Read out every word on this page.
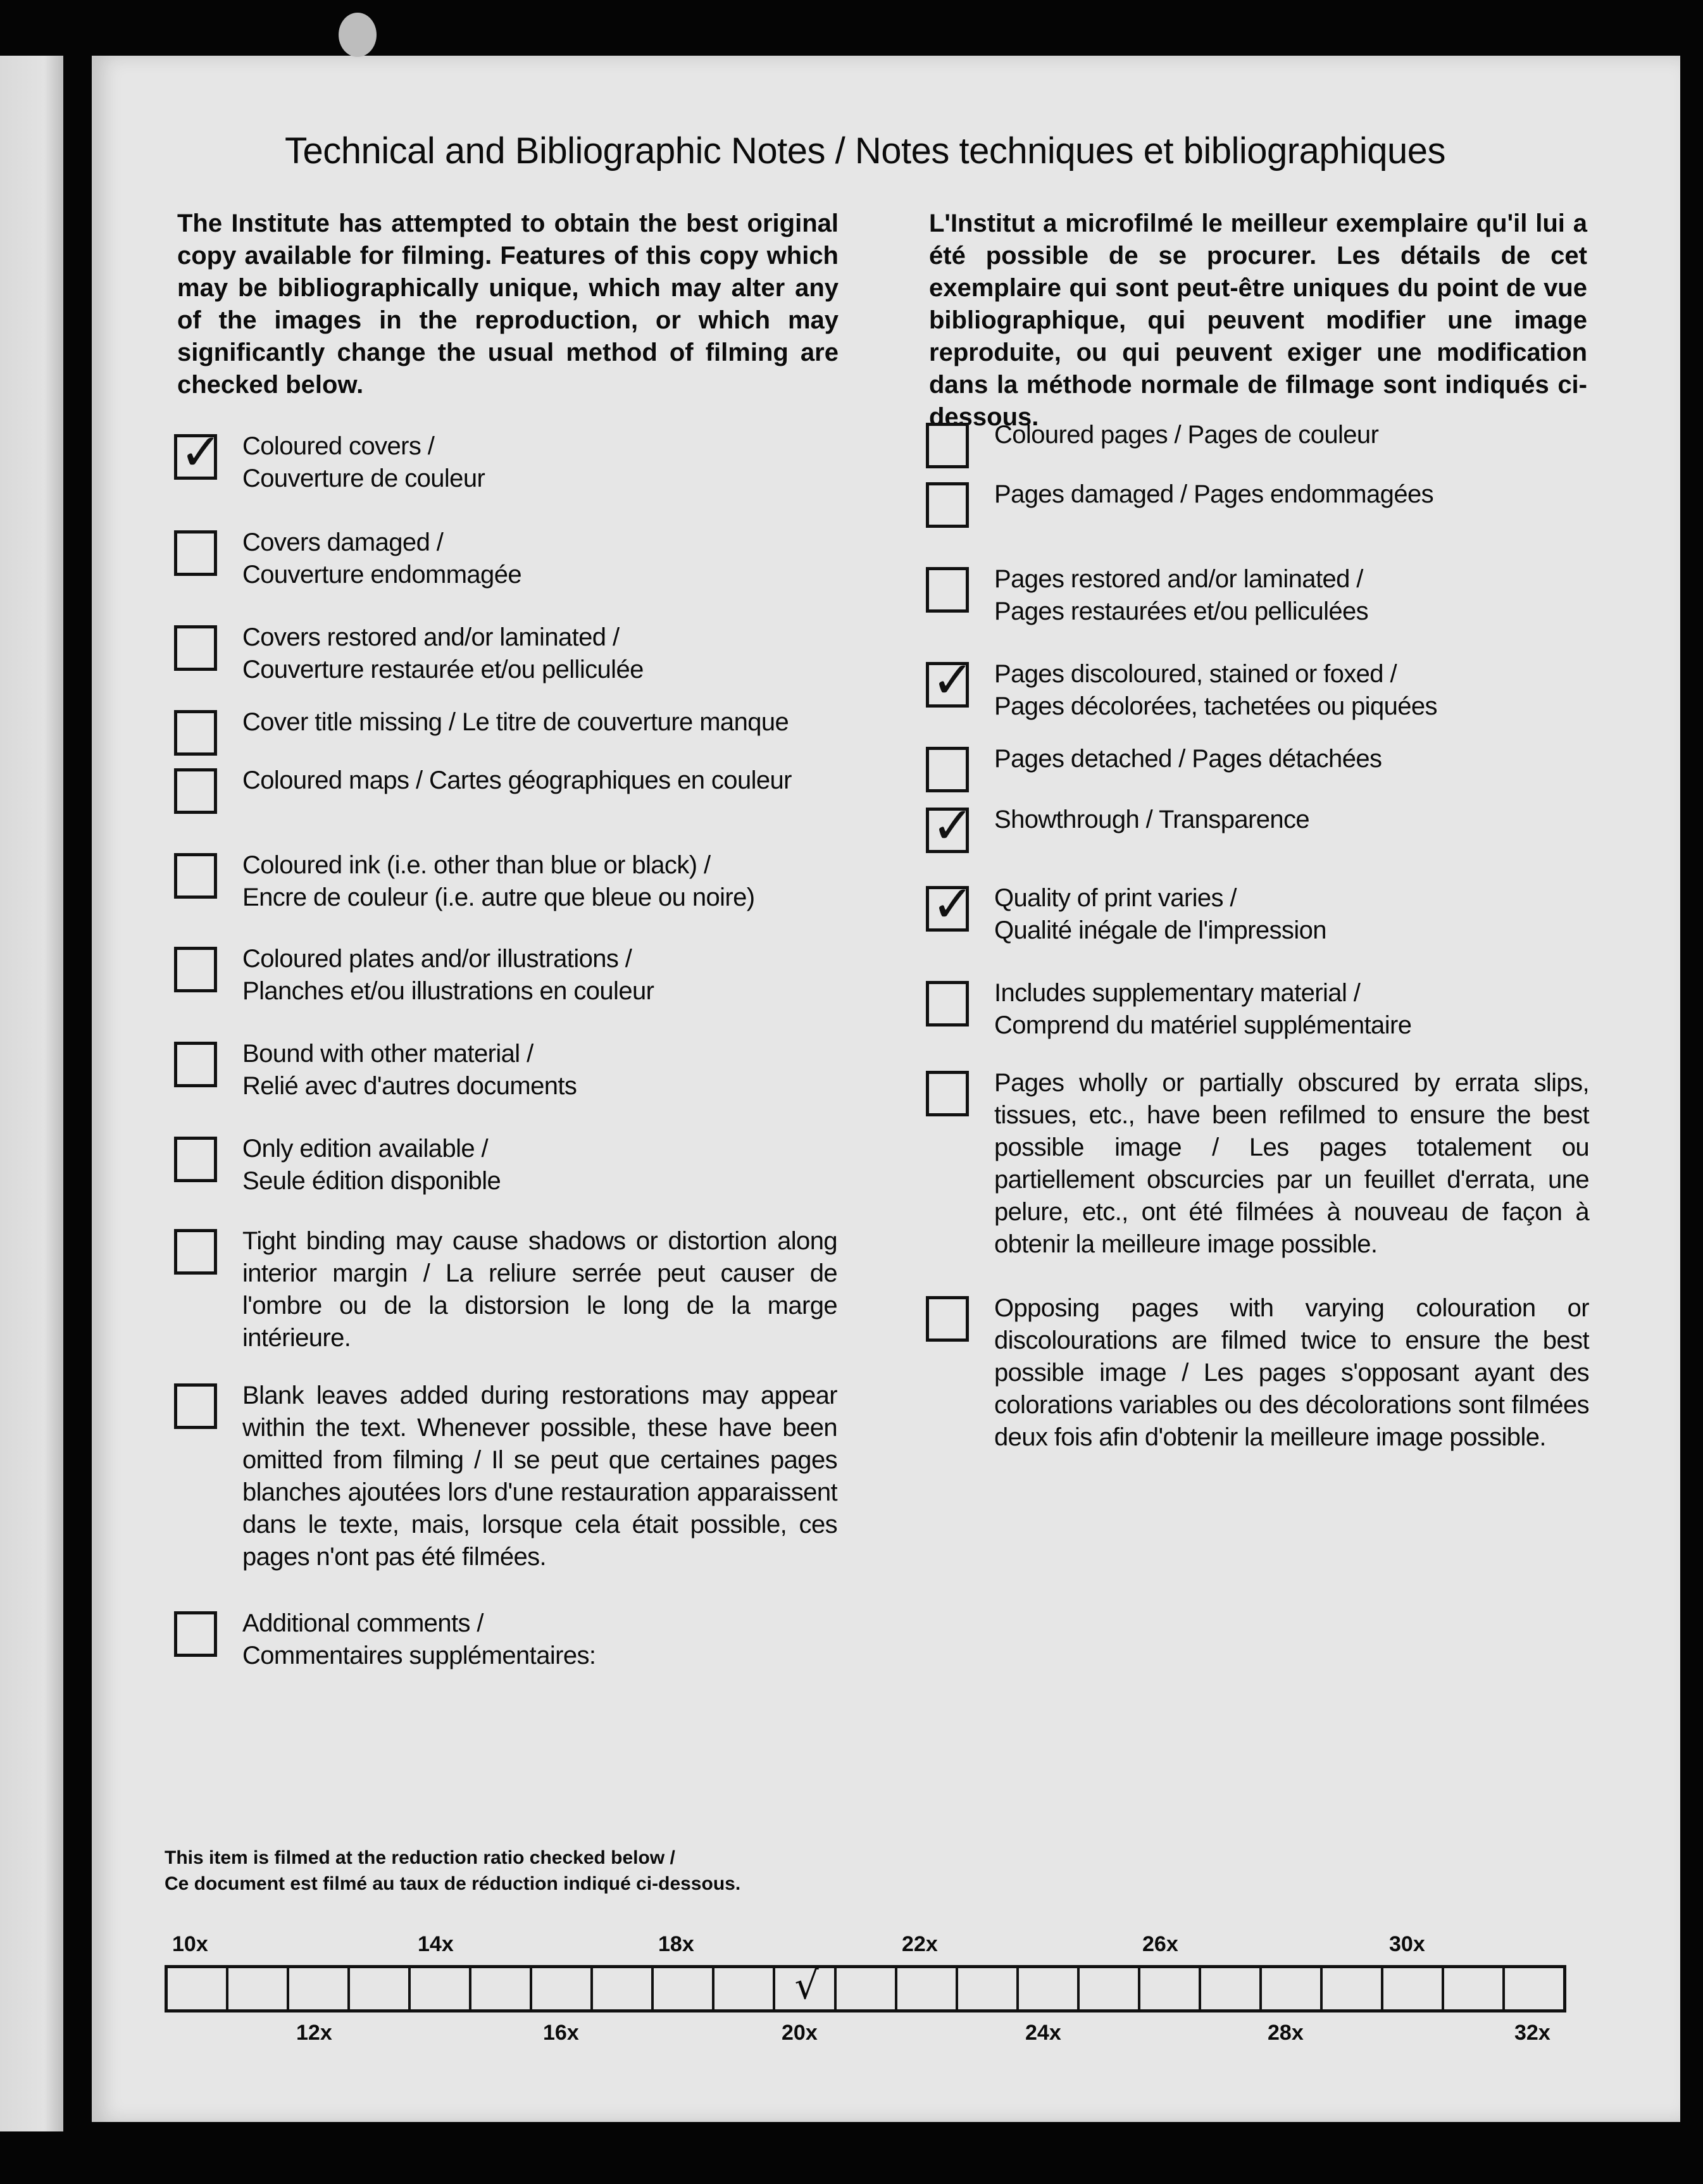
Technical and Bibliographic Notes / Notes techniques et bibliographiques
The Institute has attempted to obtain the best original copy available for filming. Features of this copy which may be bibliographically unique, which may alter any of the images in the reproduction, or which may significantly change the usual method of filming are checked below.
L'Institut a microfilmé le meilleur exemplaire qu'il lui a été possible de se procurer. Les détails de cet exemplaire qui sont peut-être uniques du point de vue bibliographique, qui peuvent modifier une image reproduite, ou qui peuvent exiger une modification dans la méthode normale de filmage sont indiqués ci-dessous.
✓ Coloured covers /
Couverture de couleur
Covers damaged /
Couverture endommagée
Covers restored and/or laminated /
Couverture restaurée et/ou pelliculée
Cover title missing / Le titre de couverture manque
Coloured maps / Cartes géographiques en couleur
Coloured ink (i.e. other than blue or black) /
Encre de couleur (i.e. autre que bleue ou noire)
Coloured plates and/or illustrations /
Planches et/ou illustrations en couleur
Bound with other material /
Relié avec d'autres documents
Only edition available /
Seule édition disponible
Tight binding may cause shadows or distortion along interior margin / La reliure serrée peut causer de l'ombre ou de la distorsion le long de la marge intérieure.
Blank leaves added during restorations may appear within the text. Whenever possible, these have been omitted from filming / Il se peut que certaines pages blanches ajoutées lors d'une restauration apparaissent dans le texte, mais, lorsque cela était possible, ces pages n'ont pas été filmées.
Additional comments /
Commentaires supplémentaires:
Coloured pages / Pages de couleur
Pages damaged / Pages endommagées
Pages restored and/or laminated /
Pages restaurées et/ou pelliculées
✓ Pages discoloured, stained or foxed /
Pages décolorées, tachetées ou piquées
Pages detached / Pages détachées
✓ Showthrough / Transparence
✓ Quality of print varies /
Qualité inégale de l'impression
Includes supplementary material /
Comprend du matériel supplémentaire
Pages wholly or partially obscured by errata slips, tissues, etc., have been refilmed to ensure the best possible image / Les pages totalement ou partiellement obscurcies par un feuillet d'errata, une pelure, etc., ont été filmées à nouveau de façon à obtenir la meilleure image possible.
Opposing pages with varying colouration or discolourations are filmed twice to ensure the best possible image / Les pages s'opposant ayant des colorations variables ou des décolorations sont filmées deux fois afin d'obtenir la meilleure image possible.
This item is filmed at the reduction ratio checked below /
Ce document est filmé au taux de réduction indiqué ci-dessous.
10x	14x	18x	22x	26x	30x
12x	16x	20x	24x	28x	32x
√
